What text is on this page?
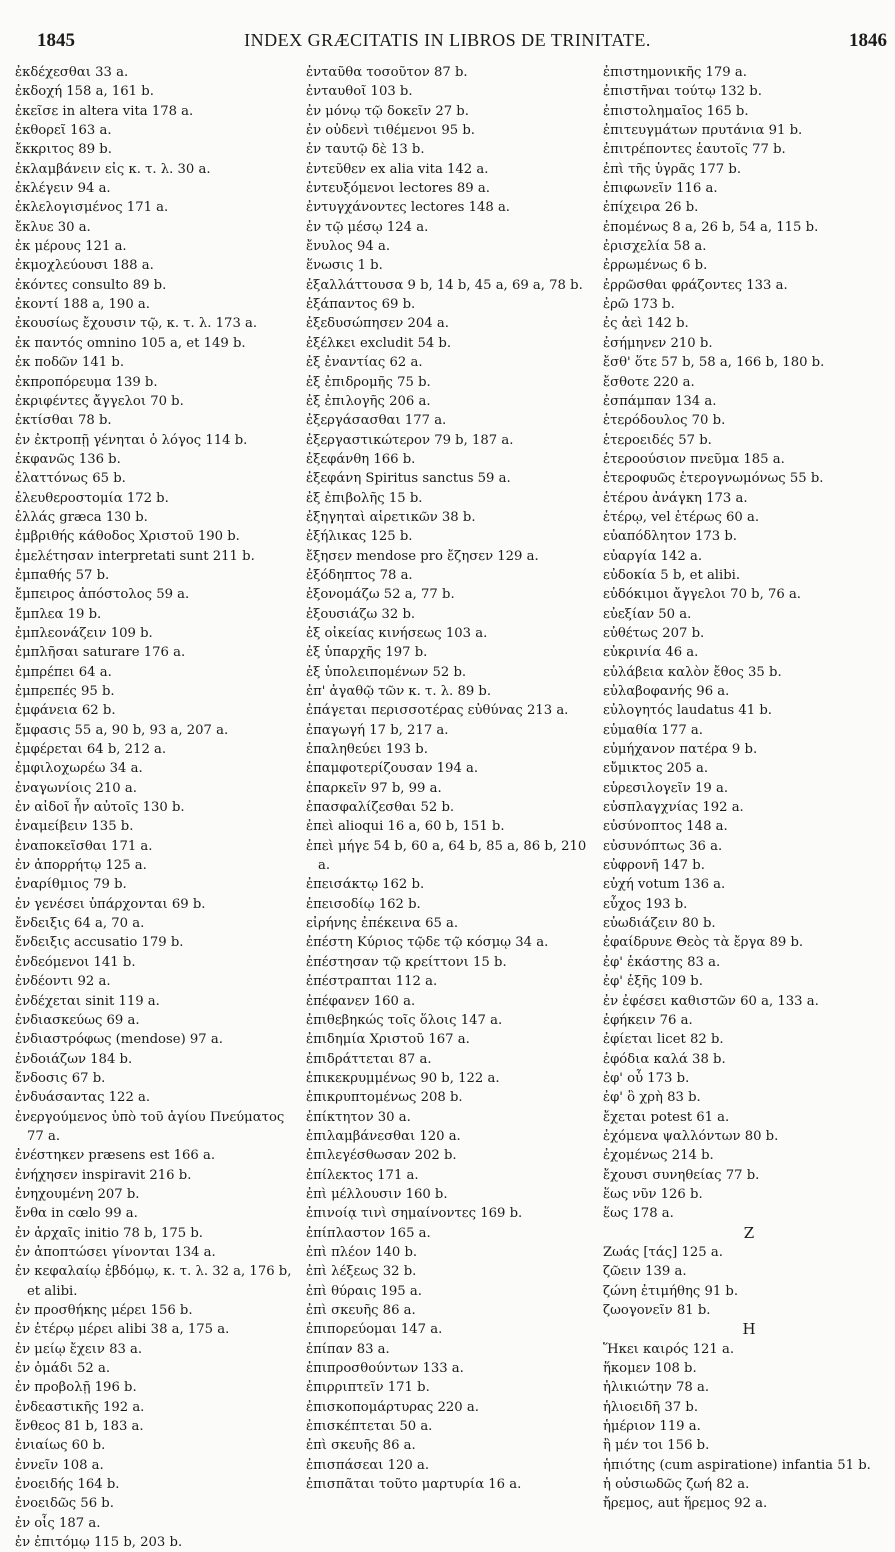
1845	INDEX GRÆCITATIS IN LIBROS DE TRINITATE.	1846
ἐκδέχεσθαι 33 a.
ἐκδοχή 158 a, 161 b.
ἐκεῖσε in altera vita 178 a.
ἐκθορεῖ 163 a.
ἔκκριτος 89 b.
ἐκλαμβάνειν εἰς κ. τ. λ. 30 a.
ἐκλέγειν 94 a.
ἐκλελογισμένος 171 a.
ἔκλυε 30 a.
ἐκ μέρους 121 a.
ἐκμοχλεύουσι 188 a.
ἐκόντες consulto 89 b.
ἐκοντί 188 a, 190 a.
ἐκουσίως ἔχουσιν τῷ, κ. τ. λ. 173 a.
ἐκ παντός omnino 105 a, et 149 b.
ἐκ ποδῶν 141 b.
ἐκπροπόρευμα 139 b.
ἐκριφέντες ἄγγελοι 70 b.
ἐκτίσθαι 78 b.
ἐν ἐκτροπῇ γένηται ὁ λόγος 114 b.
ἐκφανῶς 136 b.
ἐλαττόνως 65 b.
ἐλευθεροστομία 172 b.
ἑλλάς græca 130 b.
ἐμβριθής κάθοδος Χριστοῦ 190 b.
ἐμελέτησαν interpretati sunt 211 b.
ἐμπαθής 57 b.
ἔμπειρος ἀπόστολος 59 a.
ἔμπλεα 19 b.
ἐμπλεονάζειν 109 b.
ἐμπλῆσαι saturare 176 a.
ἐμπρέπει 64 a.
ἐμπρεπές 95 b.
ἐμφάνεια 62 b.
ἔμφασις 55 a, 90 b, 93 a, 207 a.
ἐμφέρεται 64 b, 212 a.
ἐμφιλοχωρέω 34 a.
ἐναγωνίοις 210 a.
ἐν αἰδοῖ ἦν αὐτοῖς 130 b.
ἐναμείβειν 135 b.
ἐναποκεῖσθαι 171 a.
ἐν ἀπορρήτῳ 125 a.
ἐναρίθμιος 79 b.
ἐν γενέσει ὑπάρχονται 69 b.
ἔνδειξις 64 a, 70 a.
ἔνδειξις accusatio 179 b.
ἐνδεόμενοι 141 b.
ἐνδέοντι 92 a.
ἐνδέχεται sinit 119 a.
ἐνδιασκεύως 69 a.
ἐνδιαστρόφως (mendose) 97 a.
ἐνδοιάζων 184 b.
ἔνδοσις 67 b.
ἐνδυάσαντας 122 a.
ἐνεργούμενος ὑπὸ τοῦ ἁγίου Πνεύματος 77 a.
ἐνέστηκεν præsens est 166 a.
ἐνήχησεν inspiravit 216 b.
ἐνηχουμένη 207 b.
ἔνθα in cœlo 99 a.
ἐν ἀρχαῖς initio 78 b, 175 b.
ἐν ἀποπτώσει γίνονται 134 a.
ἐν κεφαλαίῳ ἑβδόμῳ, κ. τ. λ. 32 a, 176 b, et alibi.
ἐν προσθήκης μέρει 156 b.
ἐν ἑτέρῳ μέρει alibi 38 a, 175 a.
ἐν μείῳ ἔχειν 83 a.
ἐν ὁμάδι 52 a.
ἐν προβολῇ 196 b.
ἐνδεαστικῆς 192 a.
ἔνθεος 81 b, 183 a.
ἐνιαίως 60 b.
ἐννεῖν 108 a.
ἐνοειδής 164 b.
ἐνοειδῶς 56 b.
ἐν οἷς 187 a.
ἐν ἐπιτόμῳ 115 b, 203 b.
ἐνταῦθα τοσοῦτον 87 b.
ἐνταυθοῖ 103 b.
ἐν μόνῳ τῷ δοκεῖν 27 b.
ἐν οὐδενὶ τιθέμενοι 95 b.
ἐν ταυτῷ δὲ 13 b.
ἐντεῦθεν ex alia vita 142 a.
ἐντευξόμενοι lectores 89 a.
ἐντυγχάνοντες lectores 148 a.
ἐν τῷ μέσῳ 124 a.
ἔνυλος 94 a.
ἕνωσις 1 b.
ἐξαλλάττουσα 9 b, 14 b, 45 a, 69 a, 78 b.
ἐξάπαντος 69 b.
ἐξεδυσώπησεν 204 a.
ἐξέλκει excludit 54 b.
ἐξ ἐναντίας 62 a.
ἐξ ἐπιδρομῆς 75 b.
ἐξ ἐπιλογῆς 206 a.
ἐξεργάσασθαι 177 a.
ἐξεργαστικώτερον 79 b, 187 a.
ἐξεφάνθη 166 b.
ἐξεφάνη Spiritus sanctus 59 a.
ἐξ ἐπιβολῆς 15 b.
ἐξηγηταὶ αἱρετικῶν 38 b.
ἐξήλικας 125 b.
ἔξησεν mendose pro ἔζησεν 129 a.
ἐξόδηπτος 78 a.
ἐξονομάζω 52 a, 77 b.
ἐξουσιάζω 32 b.
ἐξ οἰκείας κινήσεως 103 a.
ἐξ ὑπαρχῆς 197 b.
ἐξ ὑπολειπομένων 52 b.
ἐπ' ἀγαθῷ τῶν κ. τ. λ. 89 b.
ἐπάγεται περισσοτέρας εὐθύνας 213 a.
ἐπαγωγή 17 b, 217 a.
ἐπαληθεύει 193 b.
ἐπαμφοτερίζουσαν 194 a.
ἐπαρκεῖν 97 b, 99 a.
ἐπασφαλίζεσθαι 52 b.
ἐπεὶ alioqui 16 a, 60 b, 151 b.
ἐπεὶ μήγε 54 b, 60 a, 64 b, 85 a, 86 b, 210 a.
ἐπεισάκτῳ 162 b.
ἐπεισοδίῳ 162 b.
εἰρήνης ἐπέκεινα 65 a.
ἐπέστη Κύριος τῷδε τῷ κόσμῳ 34 a.
ἐπέστησαν τῷ κρείττονι 15 b.
ἐπέστραπται 112 a.
ἐπέφανεν 160 a.
ἐπιθεβηκώς τοῖς ὅλοις 147 a.
ἐπιδημία Χριστοῦ 167 a.
ἐπιδράττεται 87 a.
ἐπικεκρυμμένως 90 b, 122 a.
ἐπικρυπτομένως 208 b.
ἐπίκτητον 30 a.
ἐπιλαμβάνεσθαι 120 a.
ἐπιλεγέσθωσαν 202 b.
ἐπίλεκτος 171 a.
ἐπὶ μέλλουσιν 160 b.
ἐπινοίᾳ τινὶ σημαίνοντες 169 b.
ἐπίπλαστον 165 a.
ἐπὶ πλέον 140 b.
ἐπὶ λέξεως 32 b.
ἐπὶ θύραις 195 a.
ἐπὶ σκευῆς 86 a.
ἐπιπορεύομαι 147 a.
ἐπίπαν 83 a.
ἐπιπροσθούντων 133 a.
ἐπιρριπτεῖν 171 b.
ἐπισκοπομάρτυρας 220 a.
ἐπισκέπτεται 50 a.
ἐπὶ σκευῆς 86 a.
ἐπισπάσεαι 120 a.
ἐπισπᾶται τοῦτο μαρτυρία 16 a.
ἐπιστημονικῆς 179 a.
ἐπιστῆναι τούτῳ 132 b.
ἐπιστολημαῖος 165 b.
ἐπιτευγμάτων πρυτάνια 91 b.
ἐπιτρέποντες ἑαυτοῖς 77 b.
ἐπὶ τῆς ὑγρᾶς 177 b.
ἐπιφωνεῖν 116 a.
ἐπίχειρα 26 b.
ἐπομένως 8 a, 26 b, 54 a, 115 b.
ἐρισχελία 58 a.
ἐρρωμένως 6 b.
ἐρρῶσθαι φράζοντες 133 a.
ἐρῶ 173 b.
ἐς ἀεὶ 142 b.
ἐσήμηνεν 210 b.
ἔσθ' ὅτε 57 b, 58 a, 166 b, 180 b.
ἔσθοτε 220 a.
ἐσπάμπαν 134 a.
ἑτερόδουλος 70 b.
ἑτεροειδές 57 b.
ἑτεροούσιον πνεῦμα 185 a.
ἑτεροφυῶς ἑτερογνωμόνως 55 b.
ἑτέρου ἀνάγκη 173 a.
ἑτέρῳ, vel ἑτέρως 60 a.
εὐαπόδλητον 173 b.
εὐαργία 142 a.
εὐδοκία 5 b, et alibi.
εὐδόκιμοι ἄγγελοι 70 b, 76 a.
εὐεξίαν 50 a.
εὐθέτως 207 b.
εὐκρινία 46 a.
εὐλάβεια καλὸν ἔθος 35 b.
εὐλαβοφανής 96 a.
εὐλογητός laudatus 41 b.
εὐμαθία 177 a.
εὐμήχανον πατέρα 9 b.
εὔμικτος 205 a.
εὑρεσιλογεῖν 19 a.
εὐσπλαγχνίας 192 a.
εὐσύνοπτος 148 a.
εὐσυνόπτως 36 a.
εὐφρονῆ 147 b.
εὐχή votum 136 a.
εὖχος 193 b.
εὐωδιάζειν 80 b.
ἐφαίδρυνε Θεὸς τὰ ἔργα 89 b.
ἐφ' ἑκάστης 83 a.
ἐφ' ἑξῆς 109 b.
ἐν ἐφέσει καθιστῶν 60 a, 133 a.
ἐφήκειν 76 a.
ἐφίεται licet 82 b.
ἐφόδια καλά 38 b.
ἐφ' οὗ 173 b.
ἐφ' ὃ χρὴ 83 b.
ἔχεται potest 61 a.
ἐχόμενα ψαλλόντων 80 b.
ἐχομένως 214 b.
ἔχουσι συνηθείας 77 b.
ἕως νῦν 126 b.
ἕως 178 a.
Z
Ζωάς [τάς] 125 a.
ζῶειν 139 a.
ζώνη ἐτιμήθης 91 b.
ζωογονεῖν 81 b.
H
Ἥκει καιρός 121 a.
ἥκομεν 108 b.
ἡλικιώτην 78 a.
ἡλιοειδῆ 37 b.
ἡμέριον 119 a.
ἢ μέν τοι 156 b.
ἡπιότης (cum aspiratione) infantia 51 b.
ἡ οὐσιωδῶς ζωή 82 a.
ἤρεμος, aut ἥρεμος 92 a.
